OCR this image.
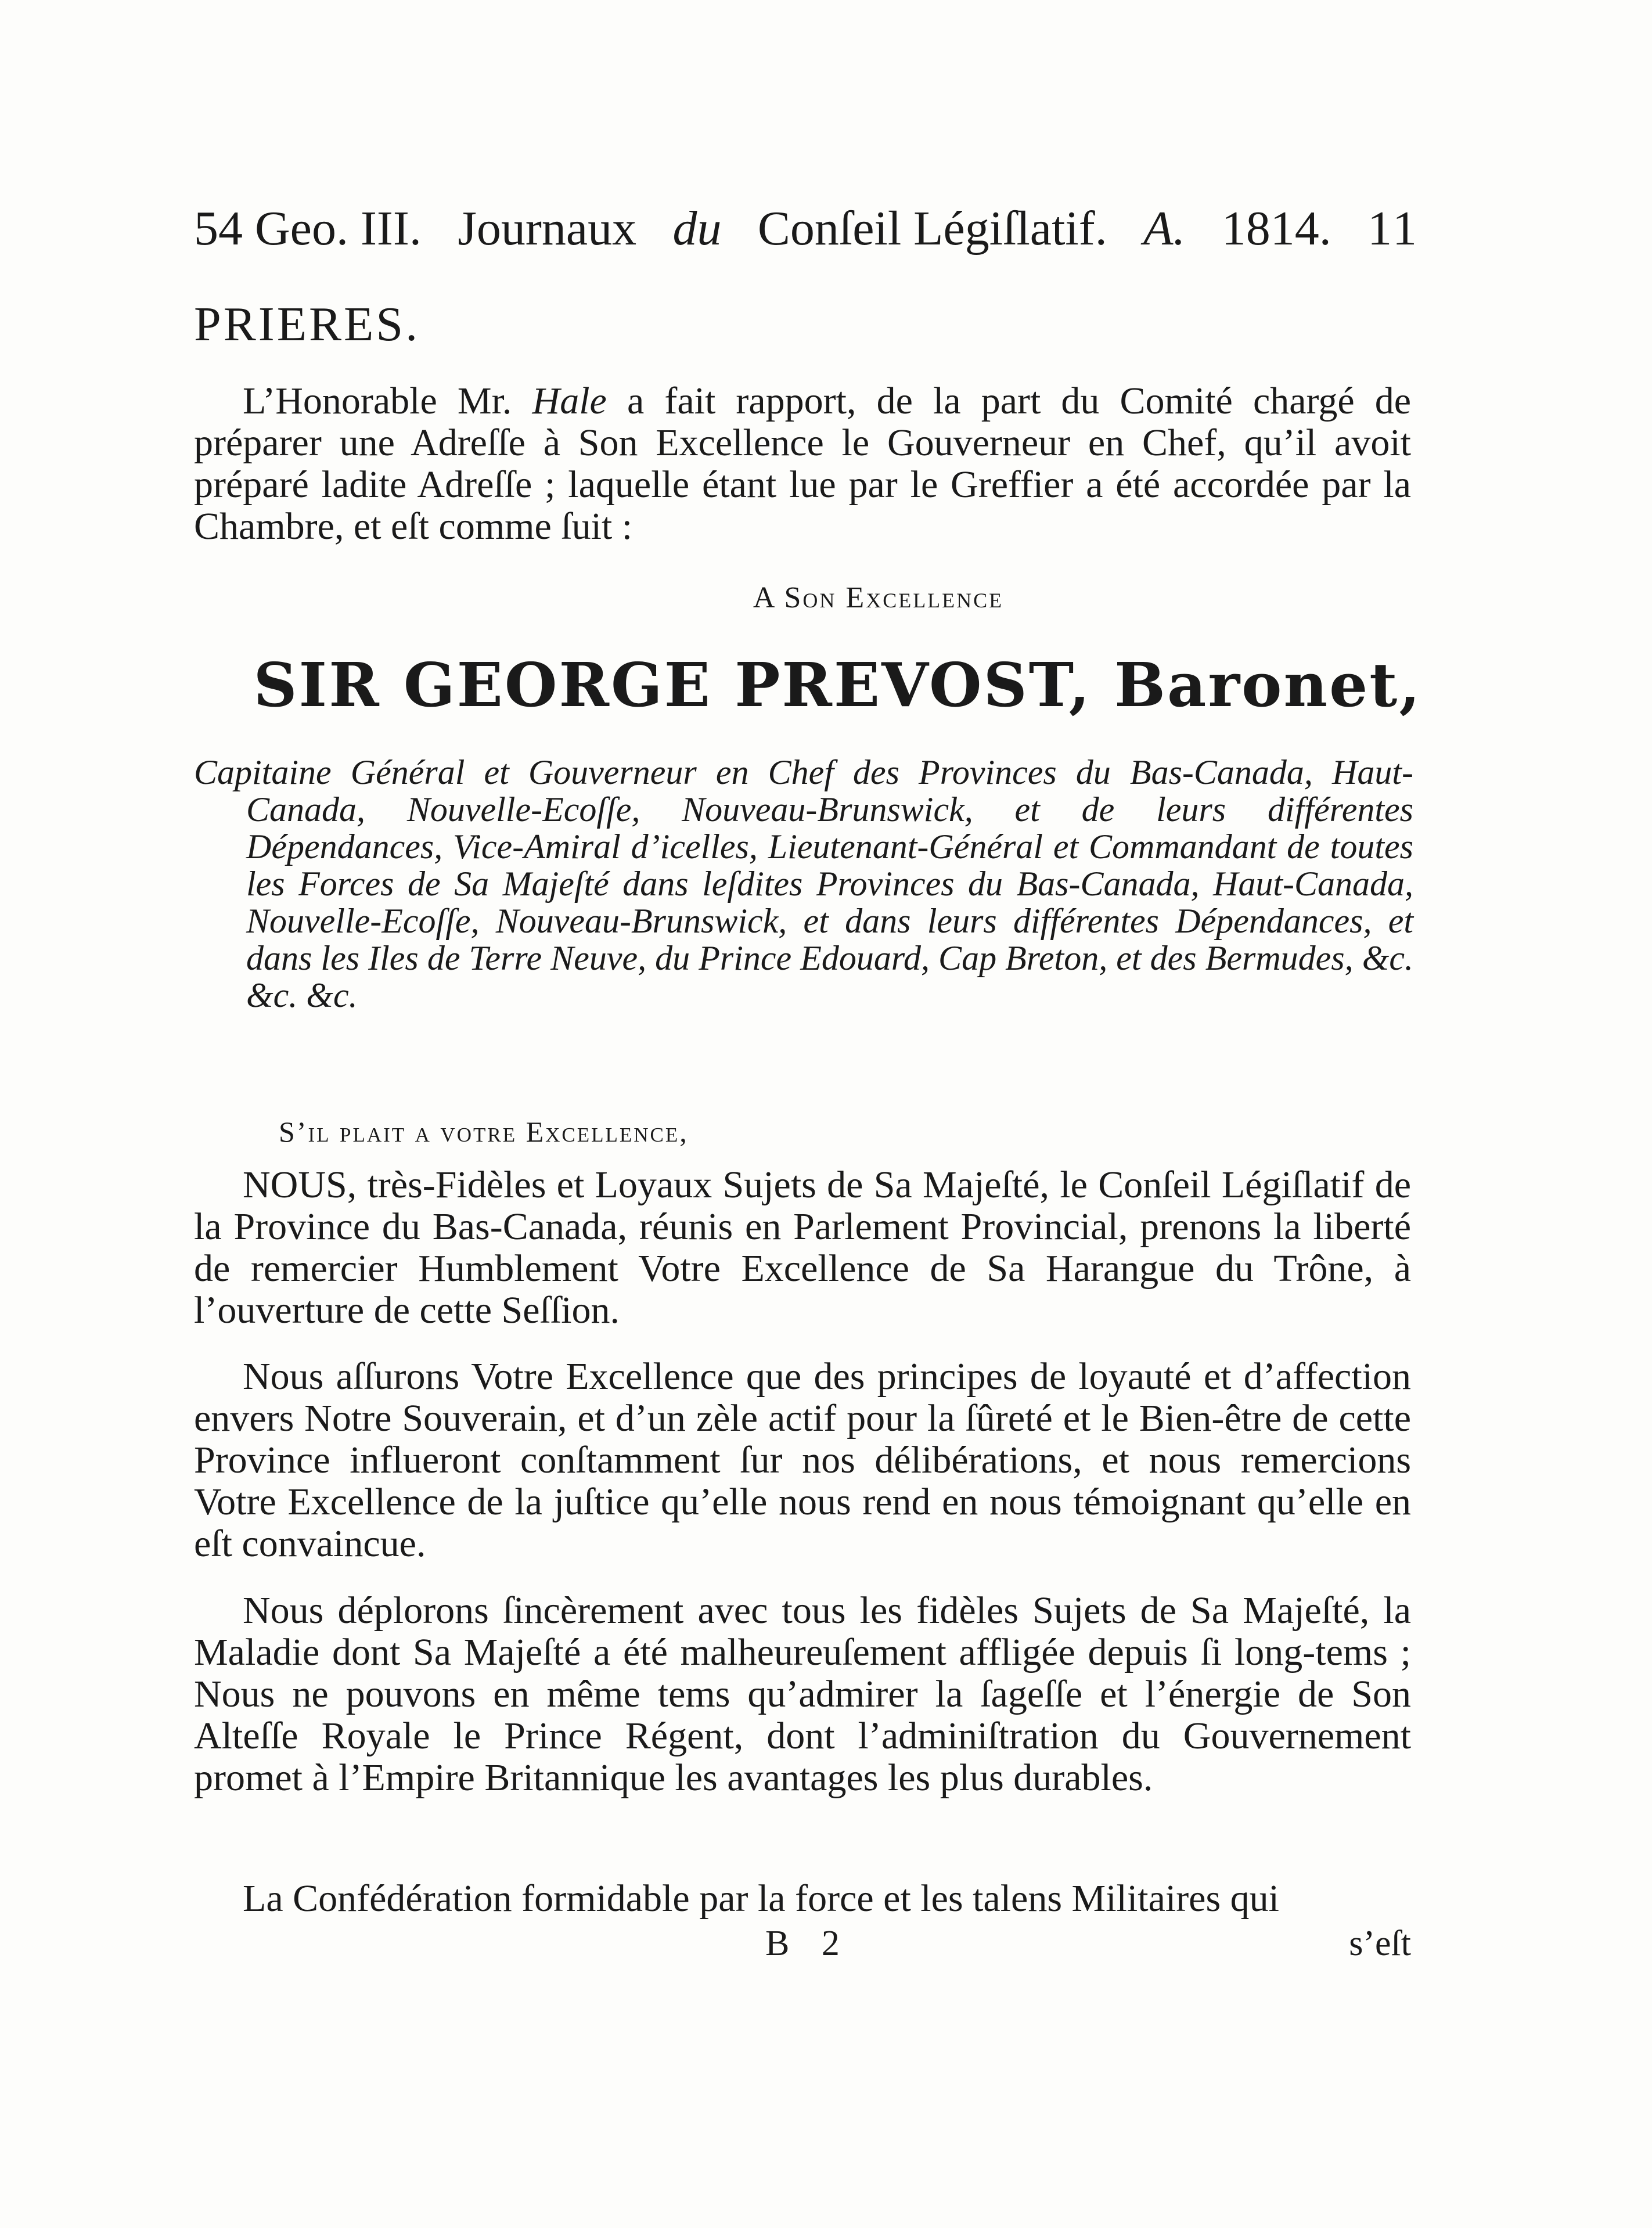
54 Geo. III. Journaux du Conſeil Légiſlatif. A. 1814. 11
PRIERES.

L’Honorable Mr. Hale a fait rapport, de la part du Comité chargé de préparer une Adreſſe à Son Excellence le Gouverneur en Chef, qu’il avoit préparé ladite Adreſſe ; laquelle étant lue par le Greffier a été accordée par la Chambre, et eſt comme ſuit :

A Son Excellence
SIR GEORGE PREVOST, Baronet,
Capitaine Général et Gouverneur en Chef des Provinces du Bas-Canada, Haut-Canada, Nouvelle-Ecoſſe, Nouveau-Brunswick, et de leurs différentes Dépendances, Vice-Amiral d’icelles, Lieutenant-Général et Commandant de toutes les Forces de Sa Majeſté dans leſdites Provinces du Bas-Canada, Haut-Canada, Nouvelle-Ecoſſe, Nouveau-Brunswick, et dans leurs différentes Dépendances, et dans les Iles de Terre Neuve, du Prince Edouard, Cap Breton, et des Bermudes, &c. &c. &c.
S’il plait a votre Excellence,

NOUS, très-Fidèles et Loyaux Sujets de Sa Majeſté, le Conſeil Légiſlatif de la Province du Bas-Canada, réunis en Parlement Provincial, prenons la liberté de remercier Humblement Votre Excellence de Sa Harangue du Trône, à l’ouverture de cette Seſſion.

Nous aſſurons Votre Excellence que des principes de loyauté et d’affection envers Notre Souverain, et d’un zèle actif pour la ſûreté et le Bien-être de cette Province influeront conſtamment ſur nos délibérations, et nous remercions Votre Excellence de la juſtice qu’elle nous rend en nous témoignant qu’elle en eſt convaincue.

Nous déplorons ſincèrement avec tous les fidèles Sujets de Sa Majeſté, la Maladie dont Sa Majeſté a été malheureuſement affligée depuis ſi long-tems ; Nous ne pouvons en même tems qu’admirer la ſageſſe et l’énergie de Son Alteſſe Royale le Prince Régent, dont l’adminiſtration du Gouvernement promet à l’Empire Britannique les avantages les plus durables.

La Confédération formidable par la force et les talens Militaires qui

B 2	s’eſt
